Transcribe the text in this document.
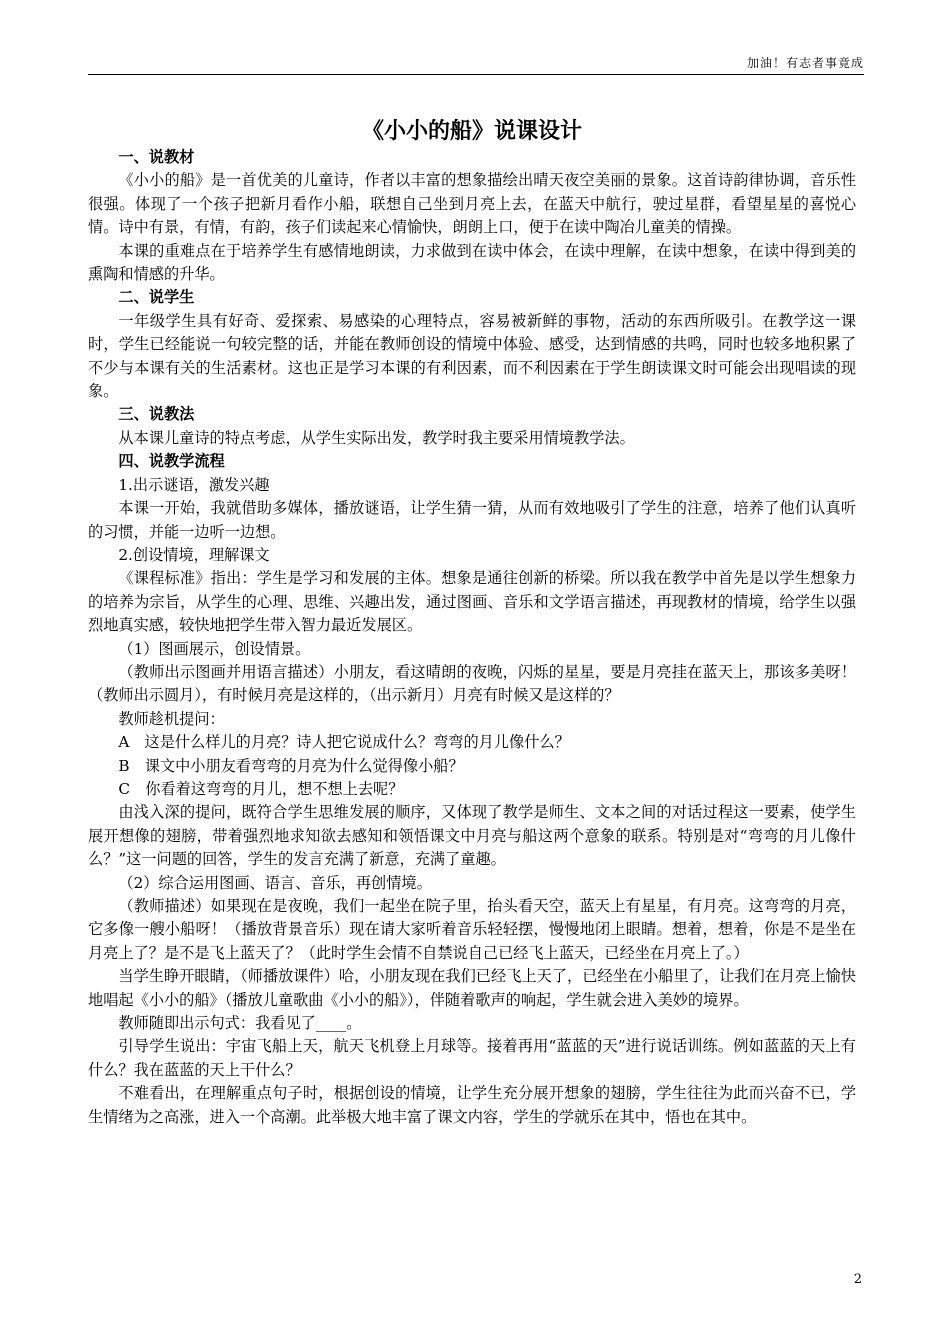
加油！有志者事竟成
《小小的船》说课设计

一、说教材

《小小的船》是一首优美的儿童诗，作者以丰富的想象描绘出晴天夜空美丽的景象。这首诗韵律协调，音乐性很强。体现了一个孩子把新月看作小船，联想自己坐到月亮上去，在蓝天中航行，驶过星群，看望星星的喜悦心情。诗中有景，有情，有韵，孩子们读起来心情愉快，朗朗上口，便于在读中陶冶儿童美的情操。

本课的重难点在于培养学生有感情地朗读，力求做到在读中体会，在读中理解，在读中想象，在读中得到美的熏陶和情感的升华。

二、说学生

一年级学生具有好奇、爱探索、易感染的心理特点，容易被新鲜的事物，活动的东西所吸引。在教学这一课时，学生已经能说一句较完整的话，并能在教师创设的情境中体验、感受，达到情感的共鸣，同时也较多地积累了不少与本课有关的生活素材。这也正是学习本课的有利因素，而不利因素在于学生朗读课文时可能会出现唱读的现象。

三、说教法

从本课儿童诗的特点考虑，从学生实际出发，教学时我主要采用情境教学法。

四、说教学流程

1.出示谜语，激发兴趣

本课一开始，我就借助多媒体，播放谜语，让学生猜一猜，从而有效地吸引了学生的注意，培养了他们认真听的习惯，并能一边听一边想。

2.创设情境，理解课文

《课程标准》指出：学生是学习和发展的主体。想象是通往创新的桥梁。所以我在教学中首先是以学生想象力的培养为宗旨，从学生的心理、思维、兴趣出发，通过图画、音乐和文学语言描述，再现教材的情境，给学生以强烈地真实感，较快地把学生带入智力最近发展区。

（1）图画展示，创设情景。

（教师出示图画并用语言描述）小朋友，看这晴朗的夜晚，闪烁的星星，要是月亮挂在蓝天上，那该多美呀！（教师出示圆月），有时候月亮是这样的，（出示新月）月亮有时候又是这样的？

教师趁机提问：

A　这是什么样儿的月亮？诗人把它说成什么？弯弯的月儿像什么？

B　课文中小朋友看弯弯的月亮为什么觉得像小船？

C　你看着这弯弯的月儿，想不想上去呢？

由浅入深的提问，既符合学生思维发展的顺序，又体现了教学是师生、文本之间的对话过程这一要素，使学生展开想像的翅膀，带着强烈地求知欲去感知和领悟课文中月亮与船这两个意象的联系。特别是对“弯弯的月儿像什么？”这一问题的回答，学生的发言充满了新意，充满了童趣。

（2）综合运用图画、语言、音乐，再创情境。

（教师描述）如果现在是夜晚，我们一起坐在院子里，抬头看天空，蓝天上有星星，有月亮。这弯弯的月亮，它多像一艘小船呀！（播放背景音乐）现在请大家听着音乐轻轻摆，慢慢地闭上眼睛。想着，想着，你是不是坐在月亮上了？是不是飞上蓝天了？（此时学生会情不自禁说自己已经飞上蓝天，已经坐在月亮上了。）

当学生睁开眼睛，（师播放课件）哈，小朋友现在我们已经飞上天了，已经坐在小船里了，让我们在月亮上愉快地唱起《小小的船》（播放儿童歌曲《小小的船》），伴随着歌声的响起，学生就会进入美妙的境界。

教师随即出示句式：我看见了____。

引导学生说出：宇宙飞船上天，航天飞机登上月球等。接着再用“蓝蓝的天”进行说话训练。例如蓝蓝的天上有什么？我在蓝蓝的天上干什么？

不难看出，在理解重点句子时，根据创设的情境，让学生充分展开想象的翅膀，学生往往为此而兴奋不已，学生情绪为之高涨，进入一个高潮。此举极大地丰富了课文内容，学生的学就乐在其中，悟也在其中。

2
